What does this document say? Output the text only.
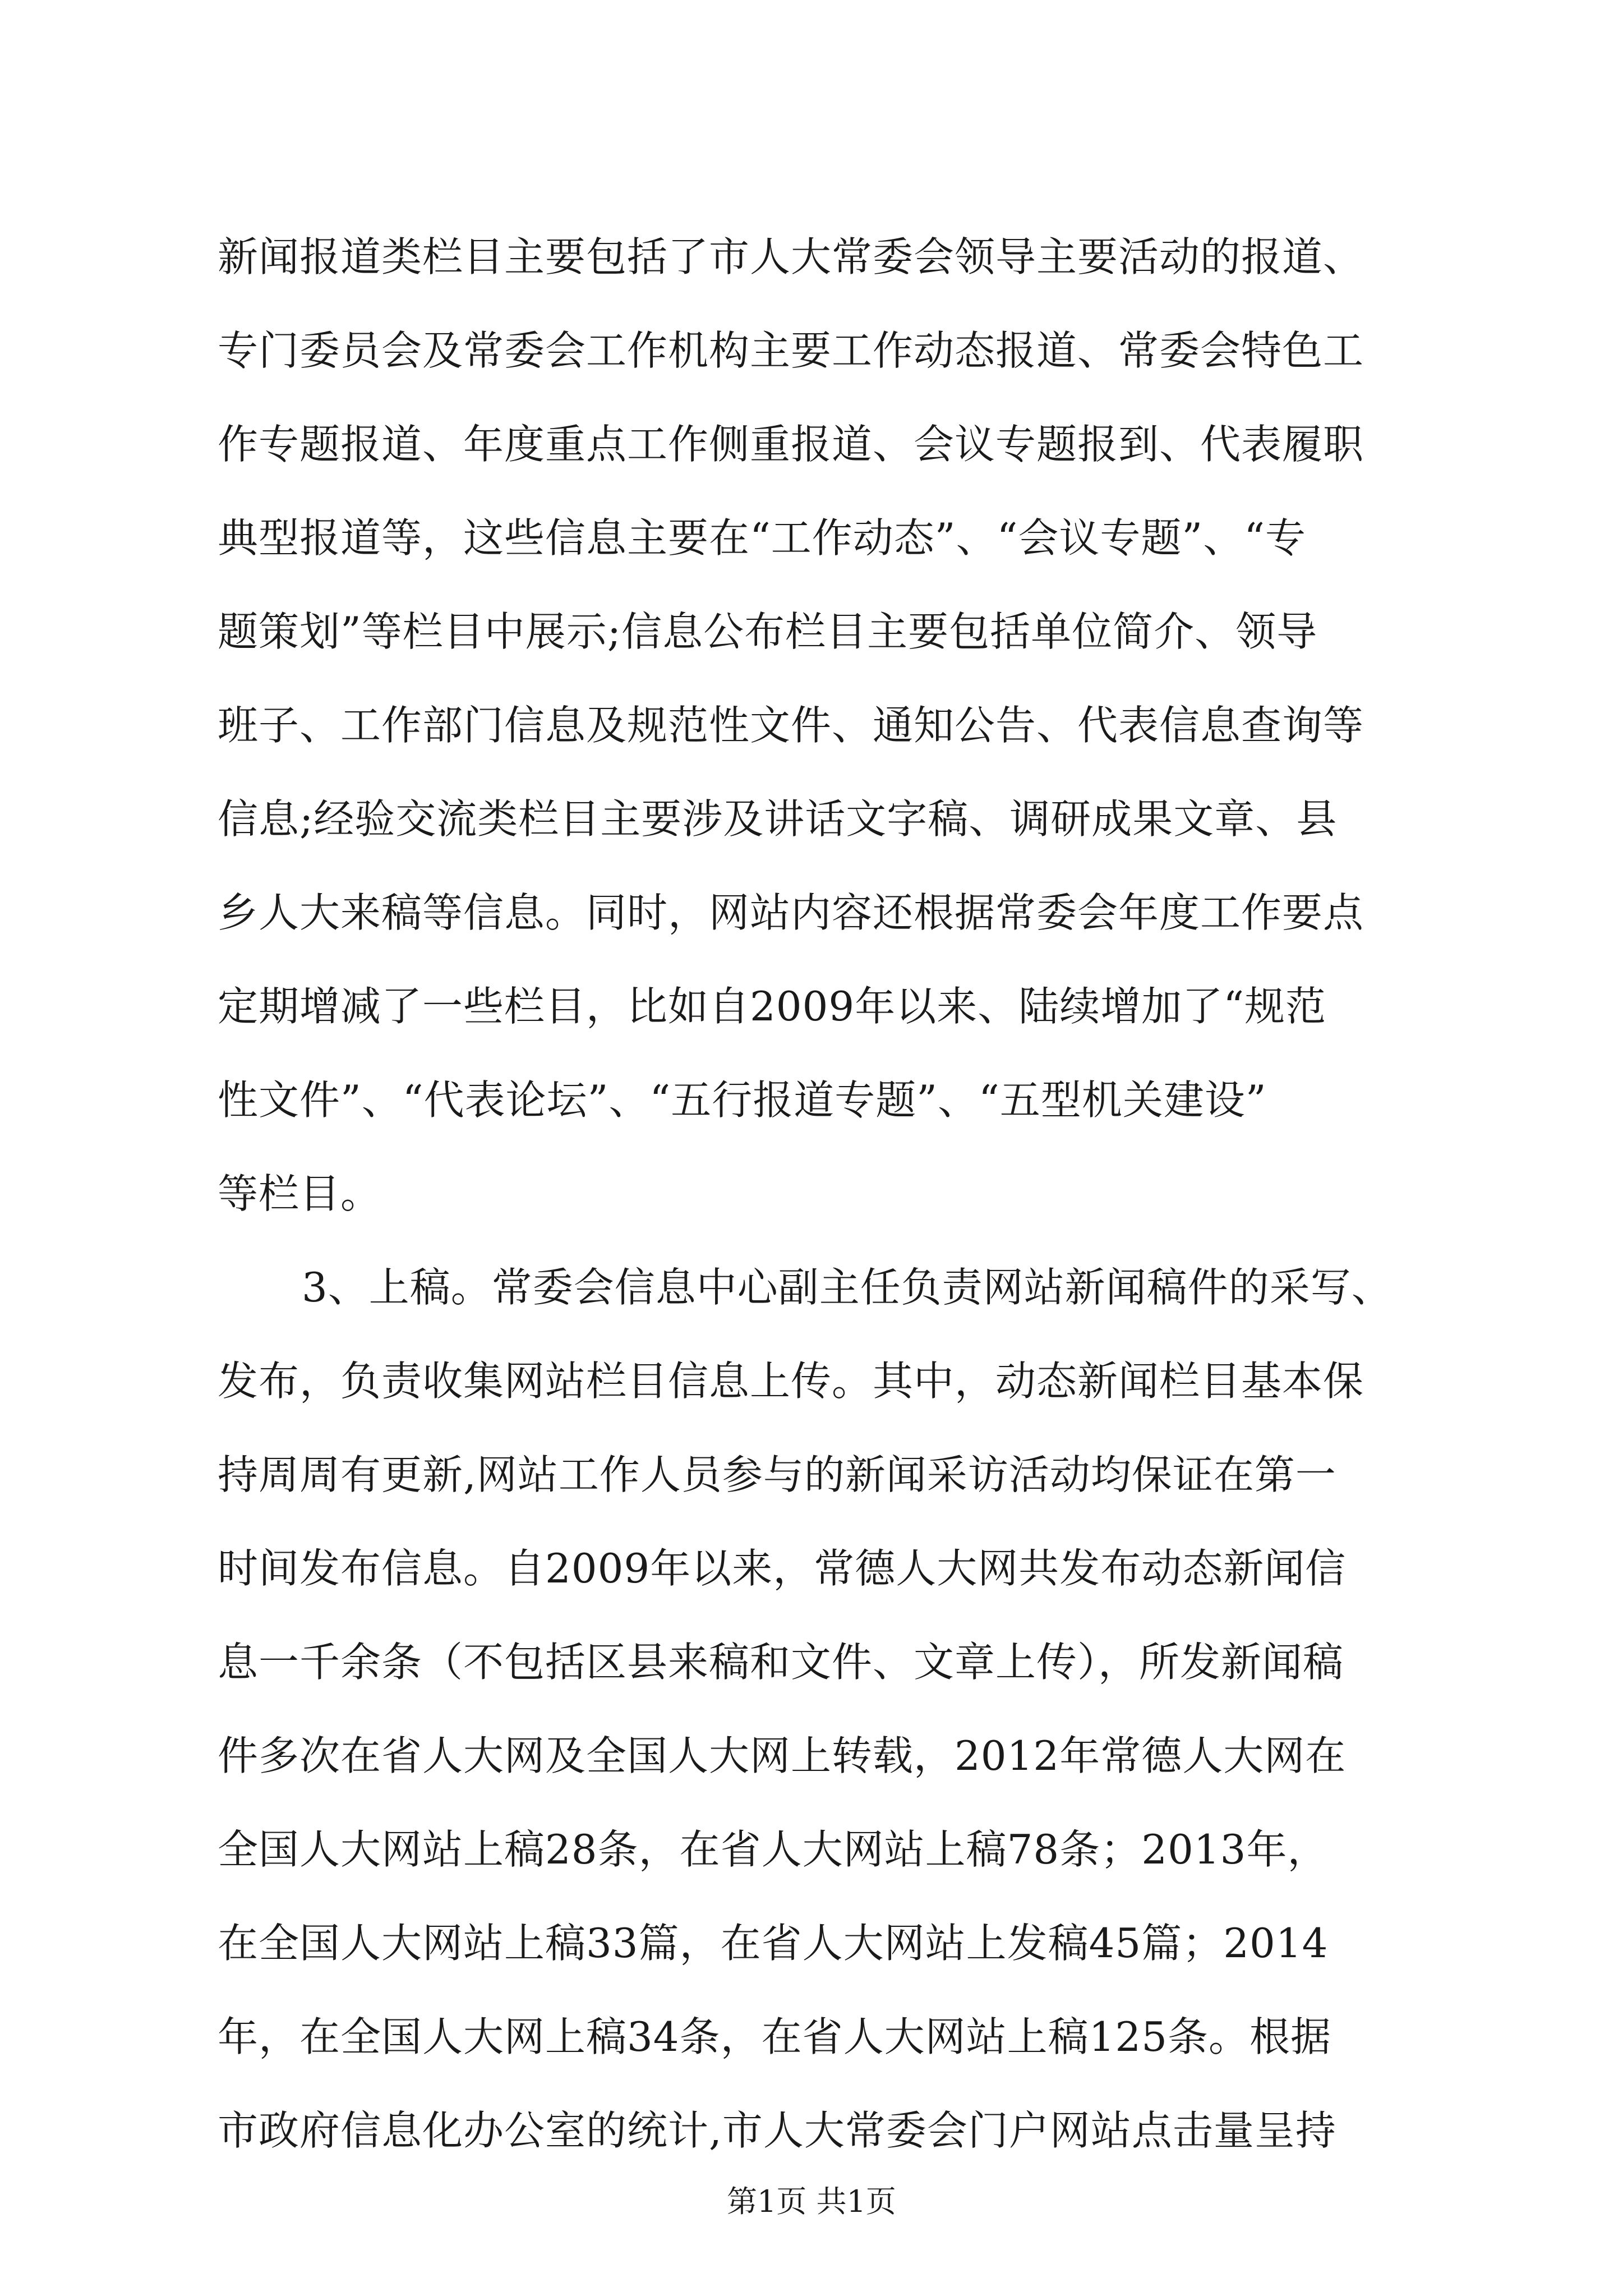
新闻报道类栏目主要包括了市人大常委会领导主要活动的报道、
专门委员会及常委会工作机构主要工作动态报道、常委会特色工
作专题报道、年度重点工作侧重报道、会议专题报到、代表履职
典型报道等，这些信息主要在“工作动态”、“会议专题”、“专
题策划”等栏目中展示;信息公布栏目主要包括单位简介、领导
班子、工作部门信息及规范性文件、通知公告、代表信息查询等
信息;经验交流类栏目主要涉及讲话文字稿、调研成果文章、县
乡人大来稿等信息。同时，网站内容还根据常委会年度工作要点
定期增减了一些栏目，比如自2009年以来、陆续增加了“规范
性文件”、“代表论坛”、“五行报道专题”、“五型机关建设”
等栏目。
3、上稿。常委会信息中心副主任负责网站新闻稿件的采写、
发布，负责收集网站栏目信息上传。其中，动态新闻栏目基本保
持周周有更新,网站工作人员参与的新闻采访活动均保证在第一
时间发布信息。自2009年以来，常德人大网共发布动态新闻信
息一千余条（不包括区县来稿和文件、文章上传），所发新闻稿
件多次在省人大网及全国人大网上转载，2012年常德人大网在
全国人大网站上稿28条，在省人大网站上稿78条；2013年，
在全国人大网站上稿33篇，在省人大网站上发稿45篇；2014
年，在全国人大网上稿34条，在省人大网站上稿125条。根据
市政府信息化办公室的统计,市人大常委会门户网站点击量呈持
第1页 共1页
